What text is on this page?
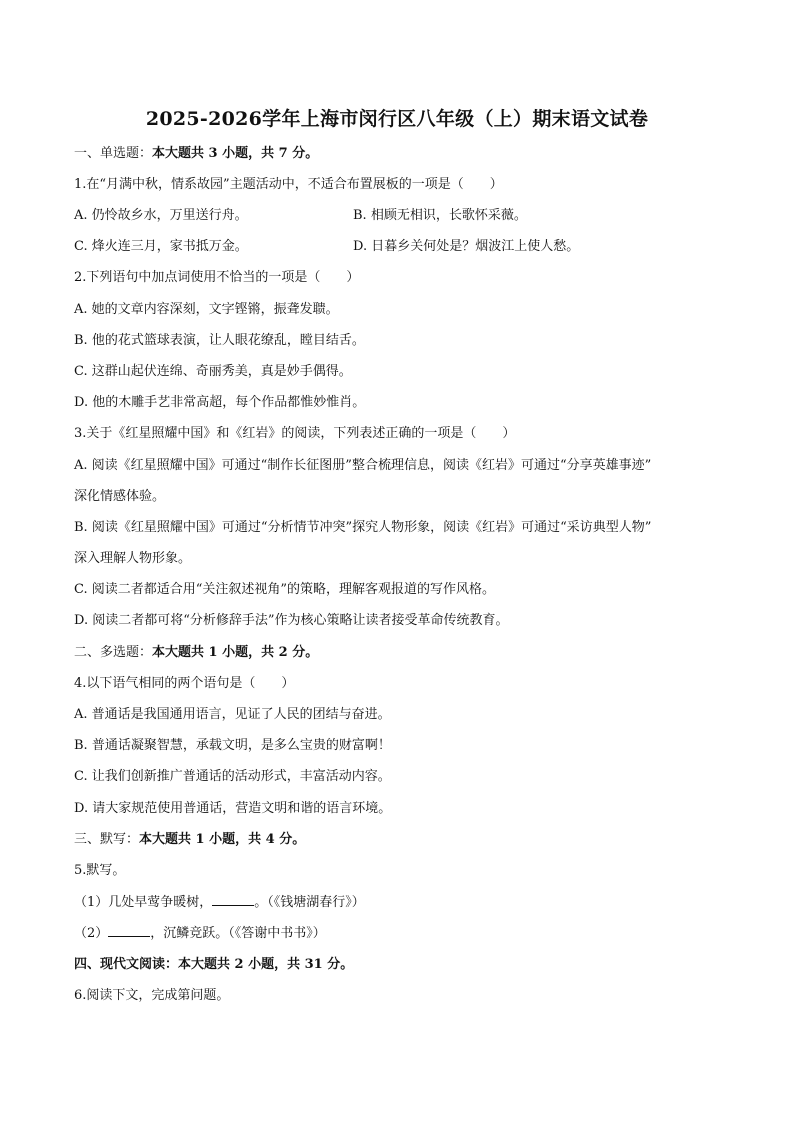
2025-2026学年上海市闵行区八年级（上）期末语文试卷
一、单选题：本大题共 3 小题，共 7 分。
1.在“月满中秋，情系故园”主题活动中，不适合布置展板的一项是（　　）
A. 仍怜故乡水，万里送行舟。	B. 相顾无相识，长歌怀采薇。
C. 烽火连三月，家书抵万金。	D. 日暮乡关何处是？烟波江上使人愁。
2.下列语句中加点词使用不恰当的一项是（　　）
A. 她的文章内容深刻，文字铿锵，振聋发聩。
B. 他的花式篮球表演，让人眼花缭乱，瞠目结舌。
C. 这群山起伏连绵、奇丽秀美，真是妙手偶得。
D. 他的木雕手艺非常高超，每个作品都惟妙惟肖。
3.关于《红星照耀中国》和《红岩》的阅读，下列表述正确的一项是（　　）
A. 阅读《红星照耀中国》可通过“制作长征图册”整合梳理信息，阅读《红岩》可通过“分享英雄事迹”
深化情感体验。
B. 阅读《红星照耀中国》可通过“分析情节冲突”探究人物形象，阅读《红岩》可通过“采访典型人物”
深入理解人物形象。
C. 阅读二者都适合用“关注叙述视角”的策略，理解客观报道的写作风格。
D. 阅读二者都可将“分析修辞手法”作为核心策略让读者接受革命传统教育。
二、多选题：本大题共 1 小题，共 2 分。
4.以下语气相同的两个语句是（　　）
A. 普通话是我国通用语言，见证了人民的团结与奋进。
B. 普通话凝聚智慧，承载文明，是多么宝贵的财富啊！
C. 让我们创新推广普通话的活动形式，丰富活动内容。
D. 请大家规范使用普通话，营造文明和谐的语言环境。
三、默写：本大题共 1 小题，共 4 分。
5.默写。
（1）几处早莺争暖树，	。（《钱塘湖春行》）
（2）	，沉鳞竞跃。（《答谢中书书》）
四、现代文阅读：本大题共 2 小题，共 31 分。
6.阅读下文，完成第问题。
